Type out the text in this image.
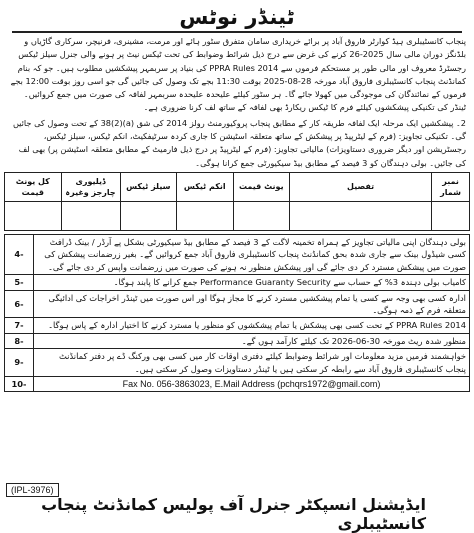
ٹینڈر نوٹس
پنجاب کانسٹیبلری ہیڈ کوارٹر فاروق آباد پر برائے خریداری سامان متفرق سٹور ہائے اور مرمت، مشینری، فرنیچر، سرکاری گاڑیاں و بلڈنگز دوران مالی سال 2025-26 کرنے کی غرض سے درج ذیل شرائط وضوابط کی تحت ٹیکس نیٹ پر ہونے والی جنرل سیلز ٹیکس رجسٹرڈ معروف اور مالی طور پر مستحکم فرموں سے PPRA Rules 2014 کی بنیاد پر سربمہر پیشکشیں مطلوب ہیں۔ جو کہ بنام کمانڈنٹ پنجاب کانسٹیبلری فاروق آباد مورخہ 28-08-2025 بوقت 11:30 بجے تک وصول کی جائیں گی جو اسی روز بوقت 12:00 بجے فرموں کے نمائندگان کی موجودگی میں کھولا جائے گا۔ ہر سٹور کیلئے علیحدہ علیحدہ سربمہر لفافہ کی صورت میں جمع کروائیں۔ ٹینڈر کی تکنیکی پیشکشوں کیلئے فرم کا ٹیکس ریکارڈ بھی لفافہ کے ساتھ لف کرنا ضروری ہے۔
2۔ پیشکشیں ایک مرحلہ ایک لفافہ طریقہ کار کے مطابق پنجاب پروکیورمنٹ رولز 2014 کی شق (a)(2)38 کے تحت وصول کی جائیں گی۔ تکنیکی تجاویز: (فرم کے لیٹرپیڈ پر پیشکش کے ساتھ متعلقہ اسٹیشن کا جاری کردہ سرٹیفکیٹ، انکم ٹیکس، سیلز ٹیکس، رجسٹریشن اور دیگر ضروری دستاویزات) مالیاتی تجاویز: (فرم کے لیٹرپیڈ پر درج ذیل فارمیٹ کے مطابق متعلقہ اسٹیشن پر) بھی لف کی جائیں۔ بولی دہندگان کو 3 فیصد کے مطابق بیڈ سیکیورٹی جمع کرانا ہوگی۔
نمبر شمار	تفصیل	یونٹ قیمت	انکم ٹیکس	سیلز ٹیکس	ڈیلیوری چارجز وغیرہ	کل یونٹ قیمت

بولی دہندگان اپنی مالیاتی تجاویز کے ہمراہ تخمینہ لاگت کے 3 فیصد کے مطابق بیڈ سیکیورٹی بشکل پے آرڈر / بینک ڈرافٹ کسی شیڈول بینک سے جاری شدہ بحق کمانڈنٹ پنجاب کانسٹیبلری فاروق آباد جمع کروائیں گے۔ بغیر زرضمانت پیشکش کی صورت میں پیشکش مسترد کر دی جائے گی اور پیشکش منظور نہ ہونے کی صورت میں زرضمانت واپس کر دی جائے گی۔	4-
کامیاب بولی دہندہ 3% کے حساب سے Performance Guaranty Security جمع کرانے کا پابند ہوگا۔	5-
ادارہ کسی بھی وجہ سے کسی یا تمام پیشکشیں مسترد کرنے کا مجاز ہوگا اور اس صورت میں ٹینڈر اخراجات کی ادائیگی متعلقہ فرم کے ذمہ ہوگی۔	6-
PPRA Rules 2014 کے تحت کسی بھی پیشکش یا تمام پیشکشوں کو منظور یا مسترد کرنے کا اختیار ادارہ کے پاس ہوگا۔	7-
منظور شدہ ریٹ مورخہ 30-06-2026 تک کیلئے کارآمد ہوں گے۔	8-
خواہشمند فرمیں مزید معلومات اور شرائط وضوابط کیلئے دفتری اوقات کار میں کسی بھی ورکنگ ڈے پر دفتر کمانڈنٹ پنجاب کانسٹیبلری فاروق آباد سے رابطہ کر سکتی ہیں یا ٹینڈر دستاویزات وصول کر سکتی ہیں۔	9-

Fax No. 056-3863023, E.Mail Address (pchqrs1972@gmail.com)	10-
(IPL-3976)
ایڈیشنل انسپکٹر جنرل آف پولیس کمانڈنٹ پنجاب کانسٹیبلری
